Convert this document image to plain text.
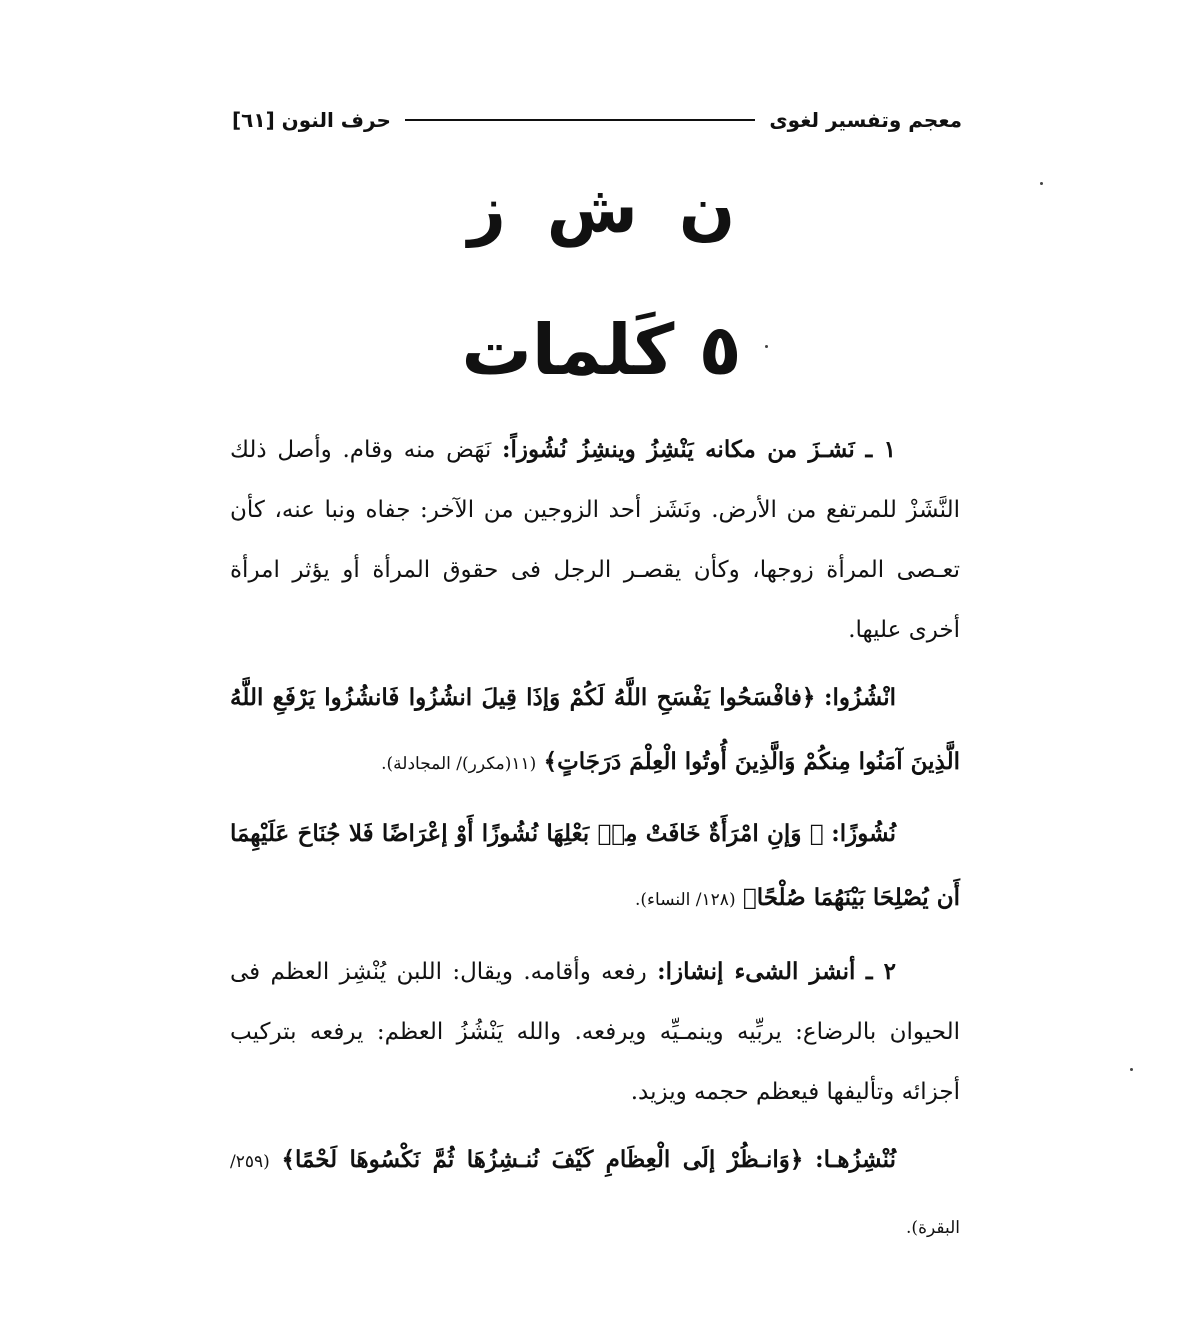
معجم وتفسير لغوى
حرف النون [٦١]
ن ش ز
٥ كَلمات

١ ـ نَشـزَ من مكانه يَنْشِزُ وينشِزُ نُشُوزاً: نَهَض منه وقام. وأصل ذلك النَّشَزْ للمرتفع من الأرض. ونَشَز أحد الزوجين من الآخر: جفاه ونبا عنه، كأن تعـصى المرأة زوجها، وكأن يقصـر الرجل فى حقوق المرأة أو يؤثر امرأة أخرى عليها.

انْشُزُوا: ﴿فافْسَحُوا يَفْسَحِ اللَّهُ لَكُمْ وَإذَا قِيلَ انشُزُوا فَانشُزُوا يَرْفَعِ اللَّهُ الَّذِينَ آمَنُوا مِنكُمْ وَالَّذِينَ أُوتُوا الْعِلْمَ دَرَجَاتٍ﴾ (١١(مكرر)/ المجادلة).

نُشُوزًا: ﴿ وَإنِ امْرَأَةٌ خَافَتْ مِنۢ بَعْلِهَا نُشُوزًا أَوْ إعْرَاضًا فَلا جُنَاحَ عَلَيْهِمَا أَن يُصْلِحَا بَيْنَهُمَا صُلْحًا﴾ (١٢٨/ النساء).

٢ ـ أنشز الشىء إنشازا: رفعه وأقامه. ويقال: اللبن يُنْشِز العظم فى الحيوان بالرضاع: يربِّيه وينمـيِّه ويرفعه. والله يَنْشُزُ العظم: يرفعه بتركيب أجزائه وتأليفها فيعظم حجمه ويزيد.

نُنْشِزُهـا: ﴿وَانـظُرْ إلَى الْعِظَامِ كَيْفَ نُنـشِزُهَا ثُمَّ نَكْسُوهَا لَحْمًا﴾ (٢٥٩/ البقرة).
